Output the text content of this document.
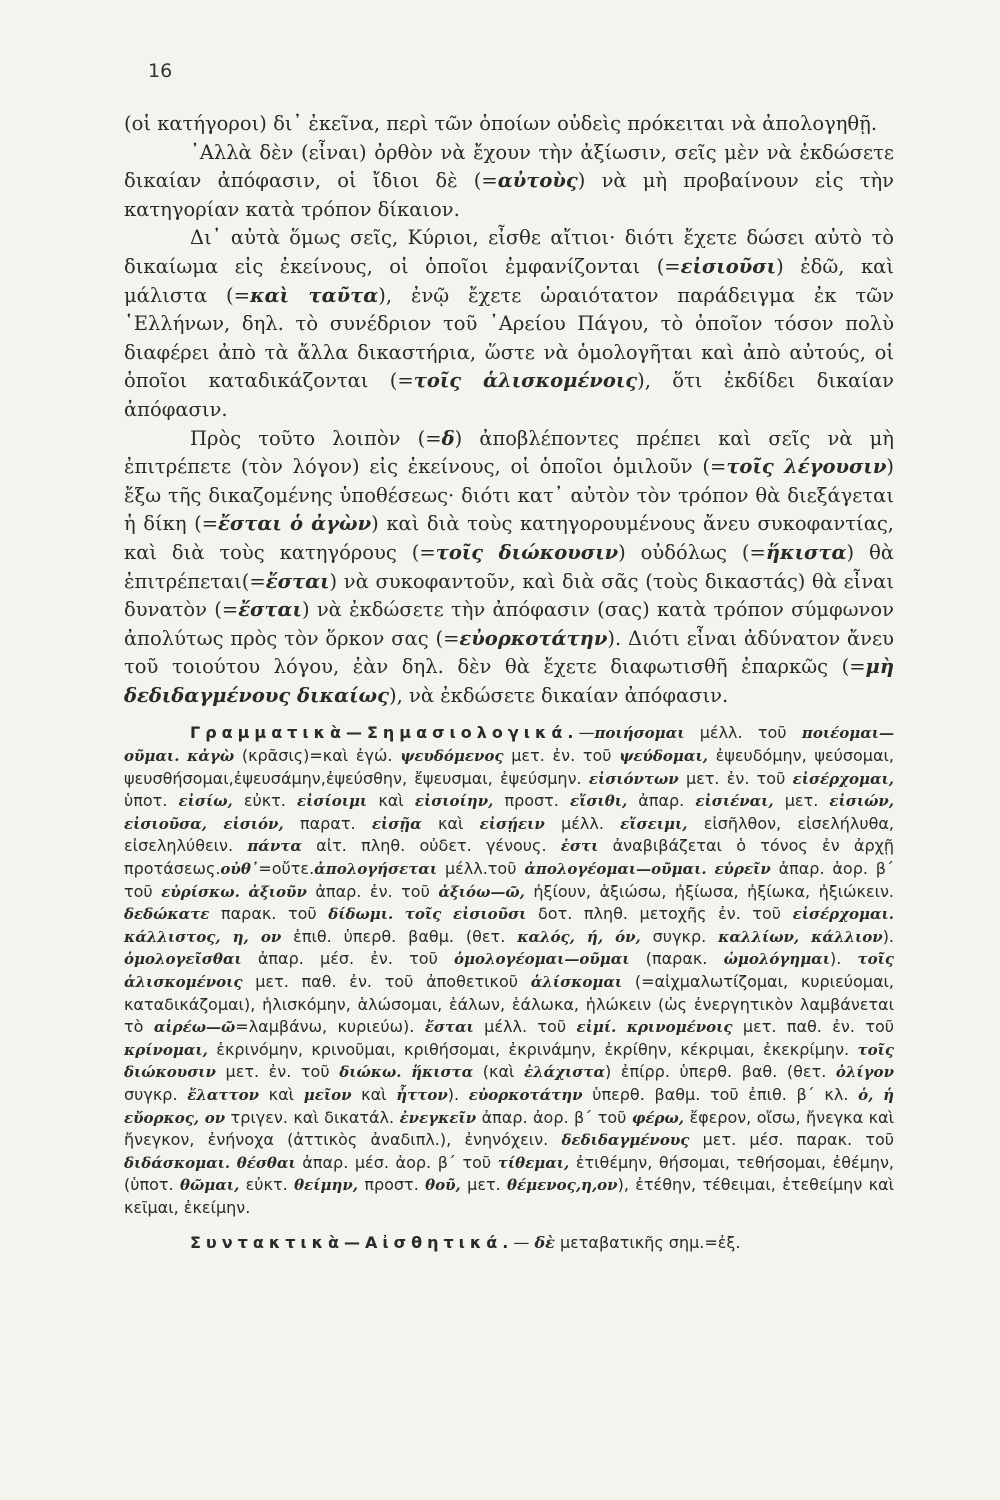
16

(οἱ κατήγοροι) δι᾽ ἐκεῖνα, περὶ τῶν ὁποίων οὐδεὶς πρόκειται νὰ ἀπολογηθῇ.

᾿Αλλὰ δὲν (εἶναι) ὀρθὸν νὰ ἔχουν τὴν ἀξίωσιν, σεῖς μὲν νὰ ἐκδώσετε δικαίαν ἀπόφασιν, οἱ ἴδιοι δὲ (=αὐτοὺς) νὰ μὴ προβαίνουν εἰς τὴν κατηγορίαν κατὰ τρόπον δίκαιον.

Δι᾽ αὐτὰ ὅμως σεῖς, Κύριοι, εἶσθε αἴτιοι· διότι ἔχετε δώσει αὐτὸ τὸ δικαίωμα εἰς ἐκείνους, οἱ ὁποῖοι ἐμφανίζονται (=εἰσιοῦσι) ἐδῶ, καὶ μάλιστα (=καὶ ταῦτα), ἐνῷ ἔχετε ὡραιότατον παράδειγμα ἐκ τῶν ῾Ελλήνων, δηλ. τὸ συνέδριον τοῦ ᾿Αρείου Πάγου, τὸ ὁποῖον τόσον πολὺ διαφέρει ἀπὸ τὰ ἄλλα δικαστήρια, ὥστε νὰ ὁμολογῆται καὶ ἀπὸ αὐτούς, οἱ ὁποῖοι καταδικάζονται (=τοῖς ἁλισκομένοις), ὅτι ἐκδίδει δικαίαν ἀπόφασιν.

Πρὸς τοῦτο λοιπὸν (=δ) ἀποβλέποντες πρέπει καὶ σεῖς νὰ μὴ ἐπιτρέπετε (τὸν λόγον) εἰς ἐκείνους, οἱ ὁποῖοι ὁμιλοῦν (=τοῖς λέγουσιν) ἔξω τῆς δικαζομένης ὑποθέσεως· διότι κατ᾽ αὐτὸν τὸν τρόπον θὰ διεξάγεται ἡ δίκη (=ἔσται ὁ ἀγὼν) καὶ διὰ τοὺς κατηγορουμένους ἄνευ συκοφαντίας, καὶ διὰ τοὺς κατηγόρους (=τοῖς διώκουσιν) οὐδόλως (=ἥκιστα) θὰ ἐπιτρέπεται(=ἔσται) νὰ συκοφαντοῦν, καὶ διὰ σᾶς (τοὺς δικαστάς) θὰ εἶναι δυνατὸν (=ἔσται) νὰ ἐκδώσετε τὴν ἀπόφασιν (σας) κατὰ τρόπον σύμφωνον ἀπολύτως πρὸς τὸν ὅρκον σας (=εὐορκοτάτην). Διότι εἶναι ἀδύνατον ἄνευ τοῦ τοιούτου λόγου, ἐὰν δηλ. δὲν θὰ ἔχετε διαφωτισθῆ ἐπαρκῶς (=μὴ δεδιδαγμένους δικαίως), νὰ ἐκδώσετε δικαίαν ἀπόφασιν.

Γραμματικὰ—Σημασιολογικά.—ποιήσομαι μέλλ. τοῦ ποιέομαι—οῦμαι. κἀγὼ (κρᾶσις)=καὶ ἐγώ. ψευδόμενος μετ. ἐν. τοῦ ψεύδομαι, ἐψευδόμην, ψεύσομαι, ψευσθήσομαι,ἐψευσάμην,ἐψεύσθην, ἔψευσμαι, ἐψεύσμην. εἰσιόντων μετ. ἐν. τοῦ εἰσέρχομαι, ὑποτ. εἰσίω, εὐκτ. εἰσίοιμι καὶ εἰσιοίην, προστ. εἴσιθι, ἀπαρ. εἰσιέναι, μετ. εἰσιών, εἰσιοῦσα, εἰσιόν, παρατ. εἰσῇα καὶ εἰσῄειν μέλλ. εἴσειμι, εἰσῆλθον, εἰσελήλυθα, εἰσεληλύθειν. πάντα αἰτ. πληθ. οὐδετ. γένους. ἐστι ἀναβιβάζεται ὁ τόνος ἐν ἀρχῇ προτάσεως.οὐθ᾽=οὔτε.ἀπολογήσεται μέλλ.τοῦ ἀπολογέομαι—οῦμαι. εὑρεῖν ἀπαρ. ἀορ. β´ τοῦ εὑρίσκω. ἀξιοῦν ἀπαρ. ἐν. τοῦ ἀξιόω—ῶ, ἠξίουν, ἀξιώσω, ἠξίωσα, ἠξίωκα, ἠξιώκειν. δεδώκατε παρακ. τοῦ δίδωμι. τοῖς εἰσιοῦσι δοτ. πληθ. μετοχῆς ἐν. τοῦ εἰσέρχομαι. κάλλιστος, η, ον ἐπιθ. ὑπερθ. βαθμ. (θετ. καλός, ή, όν, συγκρ. καλλίων, κάλλιον). ὁμολογεῖσθαι ἀπαρ. μέσ. ἐν. τοῦ ὁμολογέομαι—οῦμαι (παρακ. ὡμολόγημαι). τοῖς ἁλισκομένοις μετ. παθ. ἐν. τοῦ ἀποθετικοῦ ἁλίσκομαι (=αἰχμαλωτίζομαι, κυριεύομαι, καταδικάζομαι), ἡλισκόμην, ἁλώσομαι, ἑάλων, ἑάλωκα, ἡλώκειν (ὡς ἐνεργητικὸν λαμβάνεται τὸ αἱρέω—ῶ=λαμβάνω, κυριεύω). ἔσται μέλλ. τοῦ εἰμί. κρινομένοις μετ. παθ. ἐν. τοῦ κρίνομαι, ἐκρινόμην, κρινοῦμαι, κριθήσομαι, ἐκρινάμην, ἐκρίθην, κέκριμαι, ἐκεκρίμην. τοῖς διώκουσιν μετ. ἐν. τοῦ διώκω. ἥκιστα (καὶ ἐλάχιστα) ἐπίρρ. ὑπερθ. βαθ. (θετ. ὀλίγον συγκρ. ἔλαττον καὶ μεῖον καὶ ἧττον). εὐορκοτάτην ὑπερθ. βαθμ. τοῦ ἐπιθ. β´ κλ. ὁ, ἡ εὔορκος, ον τριγεν. καὶ δικατάλ. ἐνεγκεῖν ἀπαρ. ἀορ. β´ τοῦ φέρω, ἔφερον, οἴσω, ἤνεγκα καὶ ἤνεγκον, ἐνήνοχα (ἀττικὸς ἀναδιπλ.), ἐνηνόχειν. δεδιδαγμένους μετ. μέσ. παρακ. τοῦ διδάσκομαι. θέσθαι ἀπαρ. μέσ. ἀορ. β´ τοῦ τίθεμαι, ἐτιθέμην, θήσομαι, τεθήσομαι, ἐθέμην,(ὑποτ. θῶμαι, εὐκτ. θείμην, προστ. θοῦ, μετ. θέμενος,η,ον), ἐτέθην, τέθειμαι, ἐτεθείμην καὶ κεῖμαι, ἐκείμην.

Συντακτικὰ—Αἰσθητικά.— δὲ μεταβατικῆς σημ.=ἐξ.
